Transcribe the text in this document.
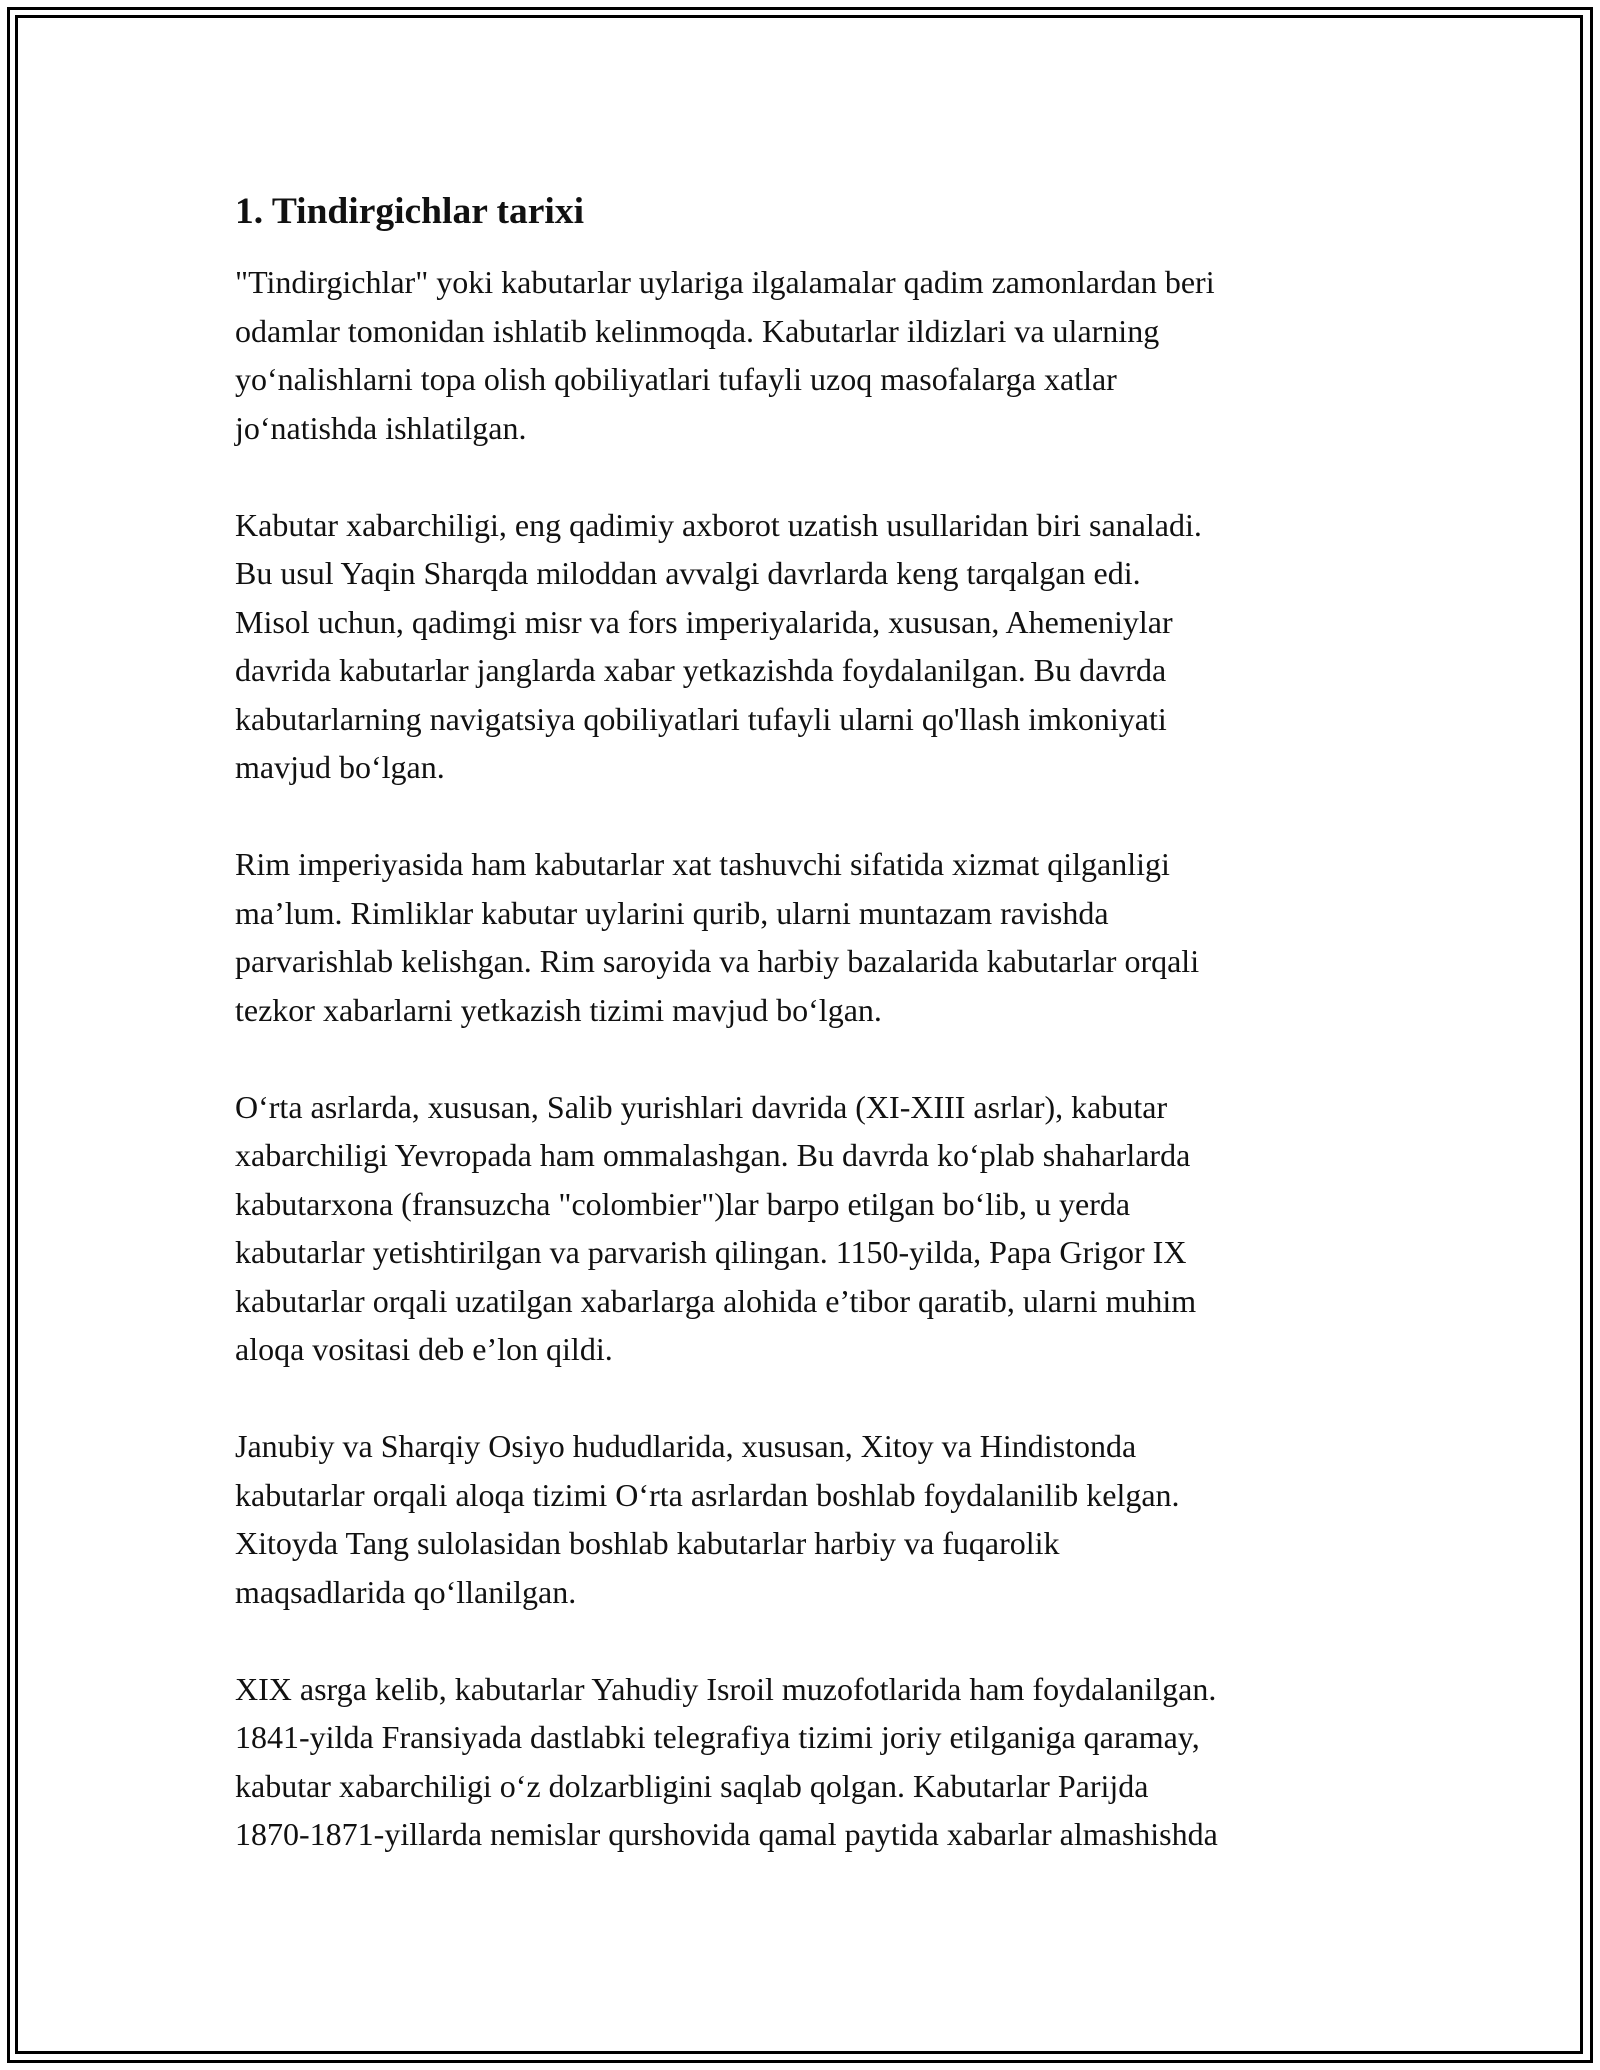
1. Tindirgichlar tarixi

"Tindirgichlar" yoki kabutarlar uylariga ilgalamalar qadim zamonlardan beri
odamlar tomonidan ishlatib kelinmoqda. Kabutarlar ildizlari va ularning
yo‘nalishlarni topa olish qobiliyatlari tufayli uzoq masofalarga xatlar
jo‘natishda ishlatilgan.

Kabutar xabarchiligi, eng qadimiy axborot uzatish usullaridan biri sanaladi.
Bu usul Yaqin Sharqda miloddan avvalgi davrlarda keng tarqalgan edi.
Misol uchun, qadimgi misr va fors imperiyalarida, xususan, Ahemeniylar
davrida kabutarlar janglarda xabar yetkazishda foydalanilgan. Bu davrda
kabutarlarning navigatsiya qobiliyatlari tufayli ularni qo'llash imkoniyati
mavjud bo‘lgan.

Rim imperiyasida ham kabutarlar xat tashuvchi sifatida xizmat qilganligi
ma’lum. Rimliklar kabutar uylarini qurib, ularni muntazam ravishda
parvarishlab kelishgan. Rim saroyida va harbiy bazalarida kabutarlar orqali
tezkor xabarlarni yetkazish tizimi mavjud bo‘lgan.

O‘rta asrlarda, xususan, Salib yurishlari davrida (XI-XIII asrlar), kabutar
xabarchiligi Yevropada ham ommalashgan. Bu davrda ko‘plab shaharlarda
kabutarxona (fransuzcha "colombier")lar barpo etilgan bo‘lib, u yerda
kabutarlar yetishtirilgan va parvarish qilingan. 1150-yilda, Papa Grigor IX
kabutarlar orqali uzatilgan xabarlarga alohida e’tibor qaratib, ularni muhim
aloqa vositasi deb e’lon qildi.

Janubiy va Sharqiy Osiyo hududlarida, xususan, Xitoy va Hindistonda
kabutarlar orqali aloqa tizimi O‘rta asrlardan boshlab foydalanilib kelgan.
Xitoyda Tang sulolasidan boshlab kabutarlar harbiy va fuqarolik
maqsadlarida qo‘llanilgan.

XIX asrga kelib, kabutarlar Yahudiy Isroil muzofotlarida ham foydalanilgan.
1841-yilda Fransiyada dastlabki telegrafiya tizimi joriy etilganiga qaramay,
kabutar xabarchiligi o‘z dolzarbligini saqlab qolgan. Kabutarlar Parijda
1870-1871-yillarda nemislar qurshovida qamal paytida xabarlar almashishda
